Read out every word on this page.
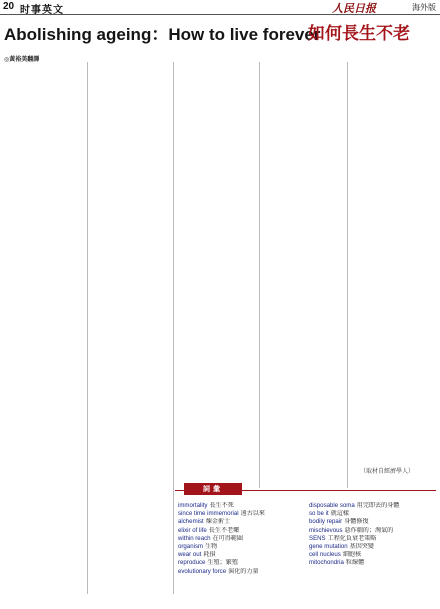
20 时事英文	人民日报	海外版
Abolishing ageing：How to live forever
如何長生不老
◎黃裕美翻譯
（取材自經濟學人）
詞彙
immortality 長生不死
since time immemorial 遠古以來
alchemist 煉金術士
elixir of life 長生不老藥
within reach 在可得範圍
organism 生物
wear out 耗損
reproduce 生殖；繁殖
evolutionary force 演化的力量
disposable soma 用完即丟的身體
so be it 就這樣
bodily repair 身體修復
mischievous 惡作劇的；淘氣的
SENS 工程化負衰老策略
gene mutation 基因突變
cell nucleus 細胞核
mitochondria 粒線體
